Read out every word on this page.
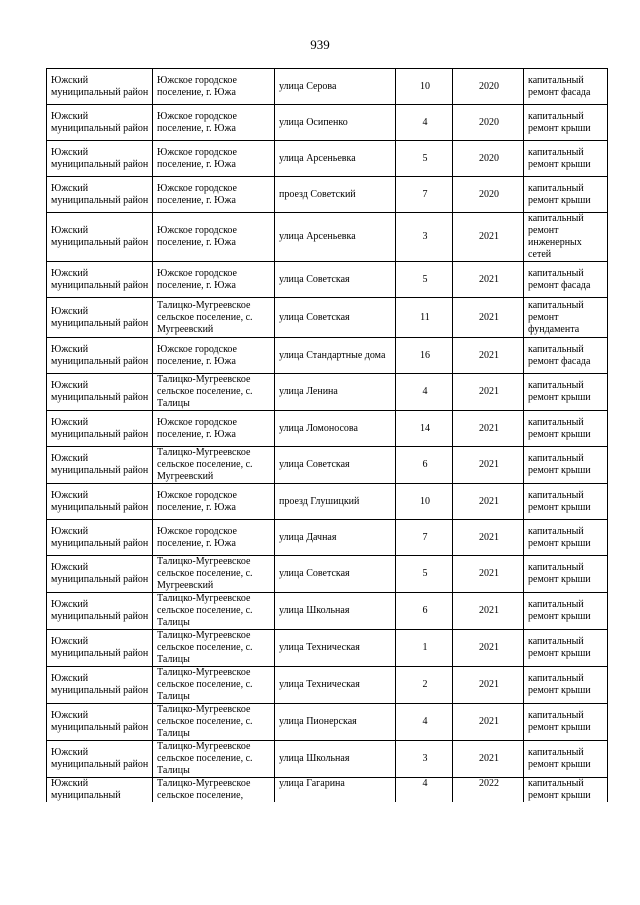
939
Южский муниципальный район	Южское городское поселение, г. Южа	улица Серова	10	2020	капитальный ремонт фасада

Южский муниципальный район	Южское городское поселение, г. Южа	улица Осипенко	4	2020	капитальный ремонт крыши

Южский муниципальный район	Южское городское поселение, г. Южа	улица Арсеньевка	5	2020	капитальный ремонт крыши

Южский муниципальный район	Южское городское поселение, г. Южа	проезд Советский	7	2020	капитальный ремонт крыши

Южский муниципальный район	Южское городское поселение, г. Южа	улица Арсеньевка	3	2021	капитальный ремонт инженерных сетей

Южский муниципальный район	Южское городское поселение, г. Южа	улица Советская	5	2021	капитальный ремонт фасада

Южский муниципальный район	Талицко-Мугреевское сельское поселение, с. Мугреевский	улица Советская	11	2021	капитальный ремонт фундамента

Южский муниципальный район	Южское городское поселение, г. Южа	улица Стандартные дома	16	2021	капитальный ремонт фасада

Южский муниципальный район	Талицко-Мугреевское сельское поселение, с. Талицы	улица Ленина	4	2021	капитальный ремонт крыши

Южский муниципальный район	Южское городское поселение, г. Южа	улица Ломоносова	14	2021	капитальный ремонт крыши

Южский муниципальный район	Талицко-Мугреевское сельское поселение, с. Мугреевский	улица Советская	6	2021	капитальный ремонт крыши

Южский муниципальный район	Южское городское поселение, г. Южа	проезд Глушицкий	10	2021	капитальный ремонт крыши

Южский муниципальный район	Южское городское поселение, г. Южа	улица Дачная	7	2021	капитальный ремонт крыши

Южский муниципальный район	Талицко-Мугреевское сельское поселение, с. Мугреевский	улица Советская	5	2021	капитальный ремонт крыши

Южский муниципальный район	Талицко-Мугреевское сельское поселение, с. Талицы	улица Школьная	6	2021	капитальный ремонт крыши

Южский муниципальный район	Талицко-Мугреевское сельское поселение, с. Талицы	улица Техническая	1	2021	капитальный ремонт крыши

Южский муниципальный район	Талицко-Мугреевское сельское поселение, с. Талицы	улица Техническая	2	2021	капитальный ремонт крыши

Южский муниципальный район	Талицко-Мугреевское сельское поселение, с. Талицы	улица Пионерская	4	2021	капитальный ремонт крыши

Южский муниципальный район	Талицко-Мугреевское сельское поселение, с. Талицы	улица Школьная	3	2021	капитальный ремонт крыши

Южский муниципальный	Талицко-Мугреевское сельское поселение,	улица Гагарина	4	2022	капитальный ремонт крыши
